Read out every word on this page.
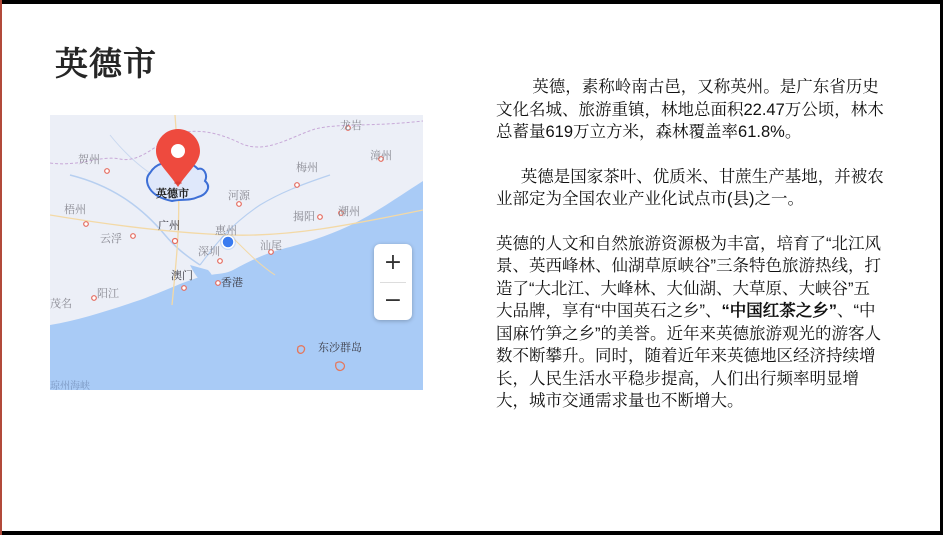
英德市
贺州
梧州
云浮
广州	惠州
河源
梅州
揭阳 潮州
漳州
龙岩
汕尾
深圳
澳门
香港
阳江
茂名
东沙群岛
琼州海峡
英德市
+
−

英德，素称岭南古邑，又称英州。是广东省历史文化名城、旅游重镇，林地总面积22.47万公顷，林木总蓄量619万立方米，森林覆盖率61.8%。

英德是国家茶叶、优质米、甘蔗生产基地，并被农业部定为全国农业产业化试点市(县)之一。

英德的人文和自然旅游资源极为丰富，培育了“北江风景、英西峰林、仙湖草原峡谷”三条特色旅游热线，打造了“大北江、大峰林、大仙湖、大草原、大峡谷”五大品牌，享有“中国英石之乡”、“中国红茶之乡”、“中国麻竹笋之乡”的美誉。近年来英德旅游观光的游客人数不断攀升。同时，随着近年来英德地区经济持续增长，人民生活水平稳步提高，人们出行频率明显增大，城市交通需求量也不断增大。
